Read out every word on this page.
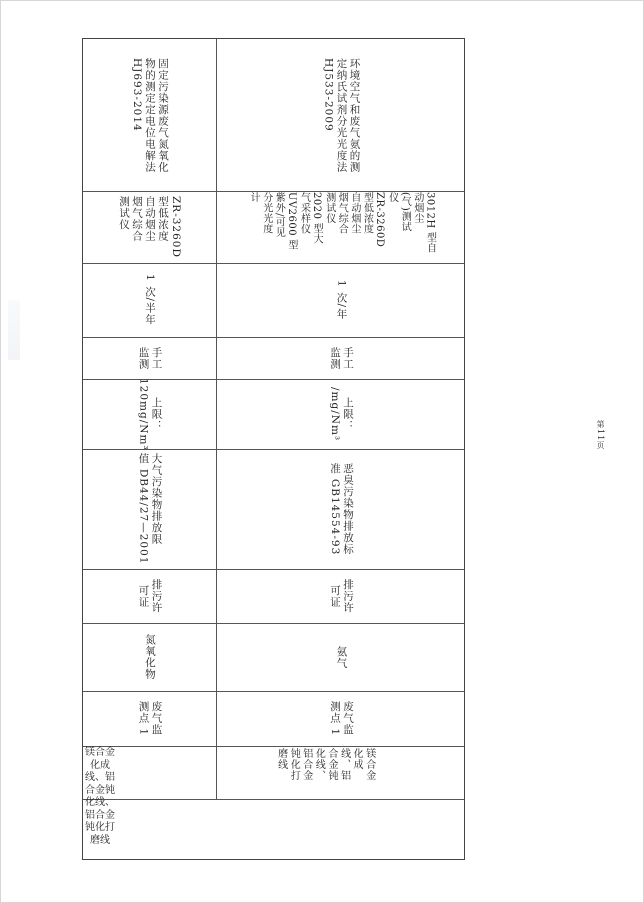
固定污染源废气氮氧化
物的测定定电位电解法
HJ693-2014
ZR-3260D
型低浓度
自动烟尘
烟气综合
测试仪
1 次/半年
手工
监测
上限：
120mg/Nm³
大气污染物排放限
值 DB44/27—2001
排污许
可证
氮氧化物
废气监
测点 1
镁合金
化成
线、铝
合金钝
化线、
铝合金
钝化打
磨线
环境空气和废气氨的测
定纳氏试剂分光光度法
HJ533-2009
3012H 型自
动烟尘
(气)测试
仪
ZR-3260D
型低浓度
自动烟尘
烟气综合
测试仪
2020 型大
气采样仪
UV2600 型
紫外/可见
分光光度
计
1 次/年
手工
监测
上限：
/mg/Nm³
恶臭污染物排放标
准 GB14554-93
排污许
可证
氨气
废气监
测点 1
镁合金
化成
线、铝
合金钝
化线、
铝合金
钝化打
磨线
第11页
